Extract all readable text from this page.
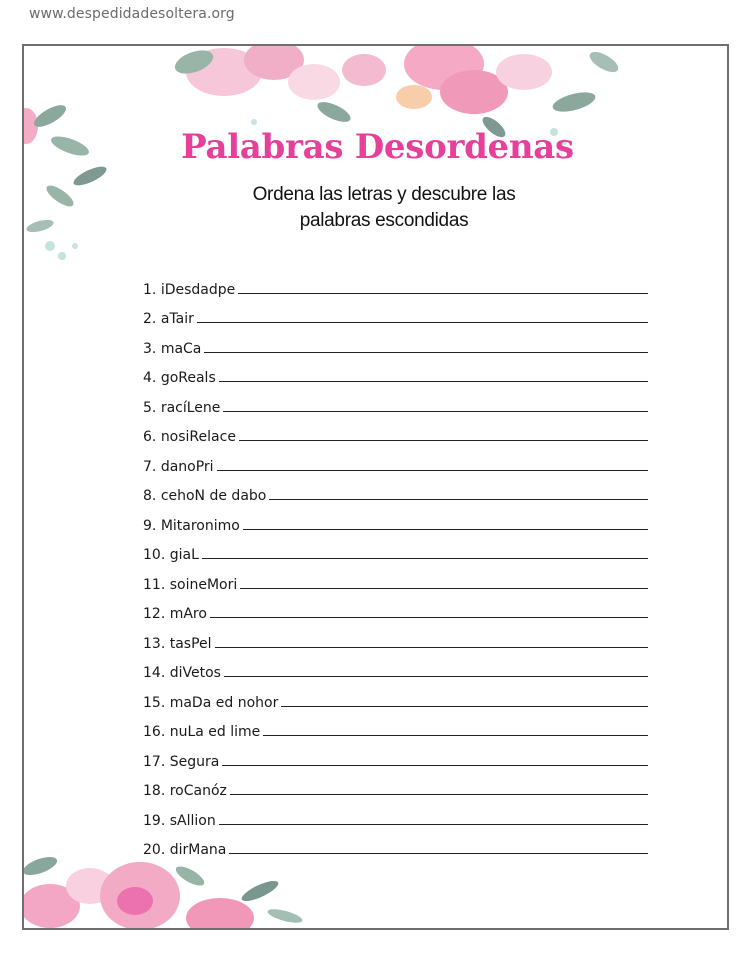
www.despedidadesoltera.org
Palabras Desordenas
Ordena las letras y descubre las
palabras escondidas
1.
iDesdadpe
2.
aTair
3.
maCa
4.
goReals
5.
racíLene
6.
nosiRelace
7.
danoPri
8.
cehoN de dabo
9.
Mitaronimo
10.
giaL
11.
soineMori
12.
mAro
13.
tasPel
14.
diVetos
15.
maDa ed nohor
16.
nuLa ed lime
17.
Segura
18.
roCanóz
19.
sAllion
20.
dirMana
